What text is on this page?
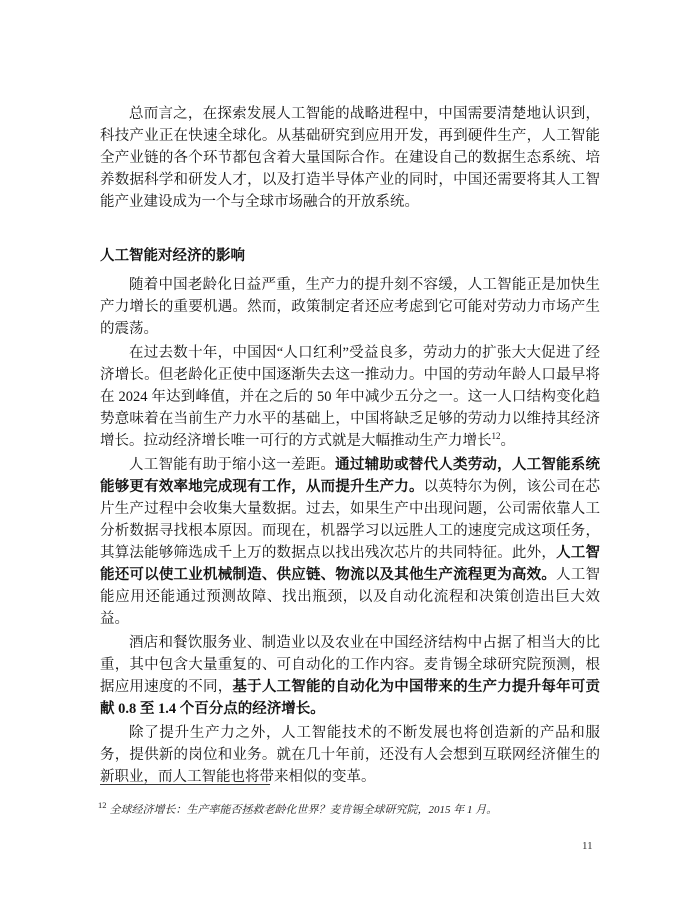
总而言之，在探索发展人工智能的战略进程中，中国需要清楚地认识到，科技产业正在快速全球化。从基础研究到应用开发，再到硬件生产，人工智能全产业链的各个环节都包含着大量国际合作。在建设自己的数据生态系统、培养数据科学和研发人才，以及打造半导体产业的同时，中国还需要将其人工智能产业建设成为一个与全球市场融合的开放系统。

人工智能对经济的影响

随着中国老龄化日益严重，生产力的提升刻不容缓，人工智能正是加快生产力增长的重要机遇。然而，政策制定者还应考虑到它可能对劳动力市场产生的震荡。

在过去数十年，中国因“人口红利”受益良多，劳动力的扩张大大促进了经济增长。但老龄化正使中国逐渐失去这一推动力。中国的劳动年龄人口最早将在 2024 年达到峰值，并在之后的 50 年中减少五分之一。这一人口结构变化趋势意味着在当前生产力水平的基础上，中国将缺乏足够的劳动力以维持其经济增长。拉动经济增长唯一可行的方式就是大幅推动生产力增长$^{12}$。

人工智能有助于缩小这一差距。通过辅助或替代人类劳动，人工智能系统能够更有效率地完成现有工作，从而提升生产力。以英特尔为例，该公司在芯片生产过程中会收集大量数据。过去，如果生产中出现问题，公司需依靠人工分析数据寻找根本原因。而现在，机器学习以远胜人工的速度完成这项任务，其算法能够筛选成千上万的数据点以找出残次芯片的共同特征。此外，人工智能还可以使工业机械制造、供应链、物流以及其他生产流程更为高效。人工智能应用还能通过预测故障、找出瓶颈，以及自动化流程和决策创造出巨大效益。

酒店和餐饮服务业、制造业以及农业在中国经济结构中占据了相当大的比重，其中包含大量重复的、可自动化的工作内容。麦肯锡全球研究院预测，根据应用速度的不同，基于人工智能的自动化为中国带来的生产力提升每年可贡献 0.8 至 1.4 个百分点的经济增长。

除了提升生产力之外，人工智能技术的不断发展也将创造新的产品和服务，提供新的岗位和业务。就在几十年前，还没有人会想到互联网经济催生的新职业，而人工智能也将带来相似的变革。

$^{12}$ 全球经济增长：生产率能否拯救老龄化世界？麦肯锡全球研究院，2015 年 1 月。
11
